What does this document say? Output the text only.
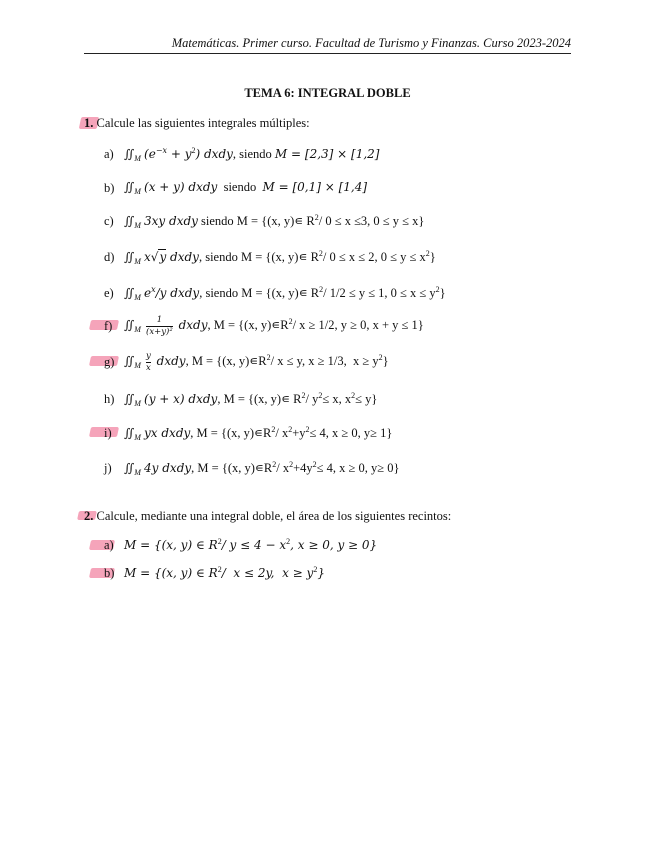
Matemáticas. Primer curso. Facultad de Turismo y Finanzas. Curso 2023-2024
TEMA 6: INTEGRAL DOBLE
1. Calcule las siguientes integrales múltiples:
a) $∬_M$ $(e^{-x} + y^2)$ dxdy, siendo M = [2,3] × [1,2]
b) $∬_M$ (x + y) dxdy  siendo  M = [0,1] × [1,4]
c) $∬_M$ 3xy dxdy siendo M = {(x, y)∊ $R^2/$ 0 ≤ x ≤3, 0 ≤ y ≤ x}
d) $∬_M$ x√y dxdy, siendo M = {(x, y)∊ $R^2/$ 0 ≤ x ≤ 2, $0 \le y \le x^2$}
e) $∬_M$ $e^x/y$ dxdy, siendo M = {(x, y)∊ $R^2/$ 1/2 ≤ y ≤ 1, $0 \le x \le y^2$}
f) $∬_M \frac{1}{\text{(x+y)²}}$ dxdy, M = {(x, $y)∊R^2/$ x ≥ 1/2, y ≥ 0, x + y ≤ 1}
g) $∬_M \frac{y}{x}$ dxdy, M = {(x, $y)∊R^2/$ x ≤ y, x ≥ 1/3,  $x \ge y^2$}
h) $∬_M$ (y + x) dxdy, M = {(x, y)∊ $R^2/$ $y^2\le x$, $x^2\le y$}
i)	$∬_M$ yx dxdy, M = {(x, $y)∊R^2/$ $x^2+y^2\le 4$, x ≥ 0, y≥ 1}
j)	$∬_M$ 4y dxdy, M = {(x, $y)∊R^2/$ $x^2+4y^2\le 4$, x ≥ 0, y≥ 0}
2. Calcule, mediante una integral doble, el área de los siguientes recintos:
a) M = {(x, y) ∈ $R^2/$ $y \le 4 - x^2$, x ≥ 0, y ≥ 0}
b) M = {(x, y) ∈ $R^2/$  x ≤ 2y,  $x \ge y^2$}
